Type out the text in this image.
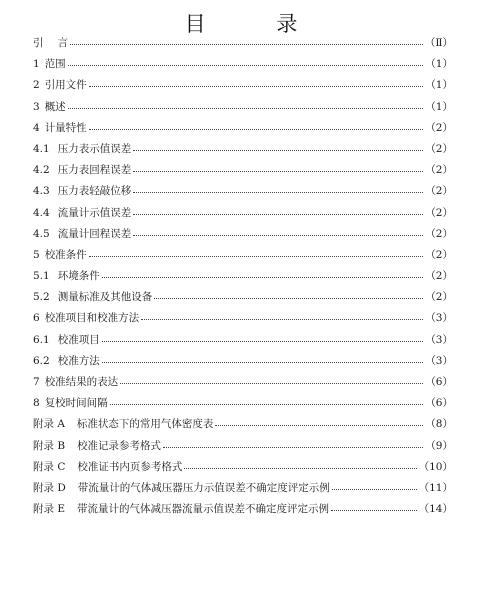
目 录
引 言	（Ⅱ）
1 范围	（1）
2 引用文件	（1）
3 概述	（1）
4 计量特性	（2）
4.1 压力表示值误差	（2）
4.2 压力表回程误差	（2）
4.3 压力表轻敲位移	（2）
4.4 流量计示值误差	（2）
4.5 流量计回程误差	（2）
5 校准条件	（2）
5.1 环境条件	（2）
5.2 测量标准及其他设备	（2）
6 校准项目和校准方法	（3）
6.1 校准项目	（3）
6.2 校准方法	（3）
7 校准结果的表达	（6）
8 复校时间间隔	（6）
附录 A 标准状态下的常用气体密度表	（8）
附录 B 校准记录参考格式	（9）
附录 C 校准证书内页参考格式	（10）
附录 D 带流量计的气体减压器压力示值误差不确定度评定示例	（11）
附录 E 带流量计的气体减压器流量示值误差不确定度评定示例	（14）
